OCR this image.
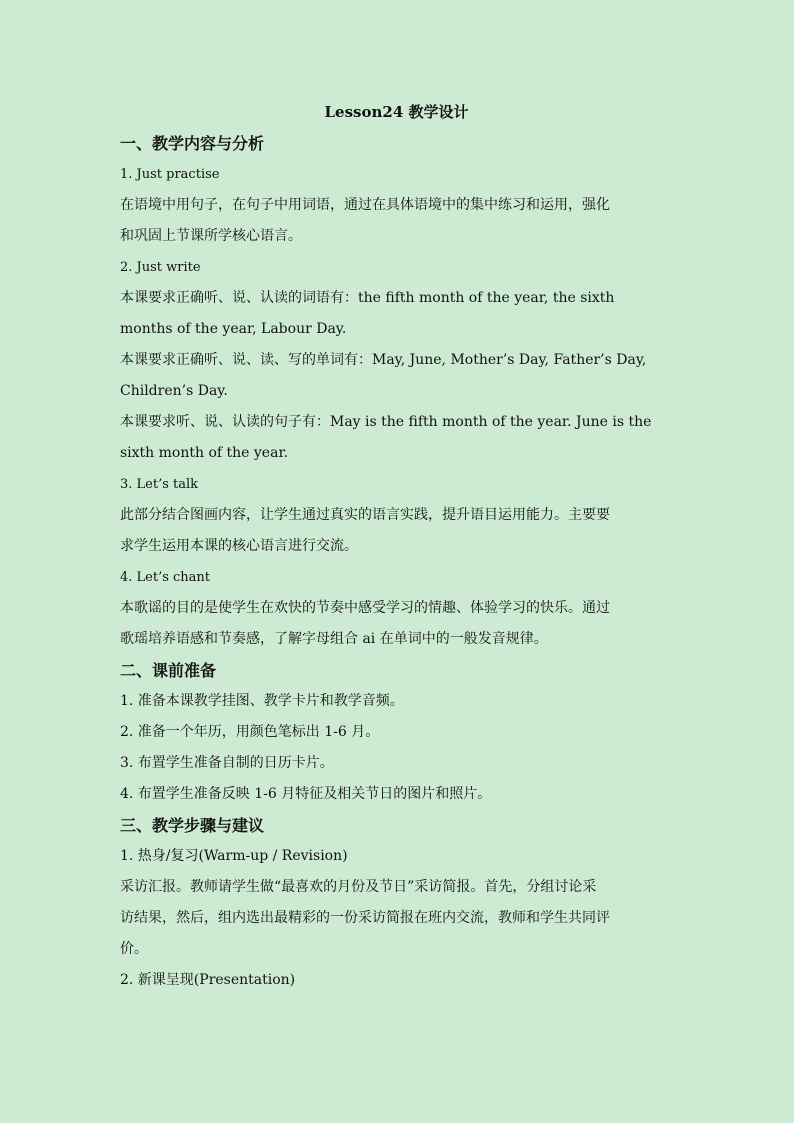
Lesson24 教学设计

一、教学内容与分析

1. Just practise

在语境中用句子，在句子中用词语，通过在具体语境中的集中练习和运用，强化
和巩固上节课所学核心语言。

2. Just write

本课要求正确听、说、认读的词语有：the fifth month of the year, the sixth
months of the year, Labour Day.
本课要求正确听、说、读、写的单词有：May, June, Mother’s Day, Father’s Day,
Children’s Day.
本课要求听、说、认读的句子有：May is the fifth month of the year. June is the
sixth month of the year.

3. Let’s talk

此部分结合图画内容，让学生通过真实的语言实践，提升语目运用能力。主要要
求学生运用本课的核心语言进行交流。

4. Let’s chant

本歌谣的目的是使学生在欢快的节奏中感受学习的情趣、体验学习的快乐。通过
歌瑶培养语感和节奏感，了解字母组合 ai 在单词中的一般发音规律。

二、课前准备

1. 准备本课教学挂图、教学卡片和教学音频。
2. 准备一个年历，用颜色笔标出 1-6 月。
3. 布置学生准备自制的日历卡片。
4. 布置学生准备反映 1-6 月特征及相关节日的图片和照片。

三、教学步骤与建议

1. 热身/复习(Warm-up / Revision)
采访汇报。教师请学生做“最喜欢的月份及节日”采访简报。首先，分组讨论采
访结果，然后，组内选出最精彩的一份采访简报在班内交流，教师和学生共同评
价。
2. 新课呈现(Presentation)
